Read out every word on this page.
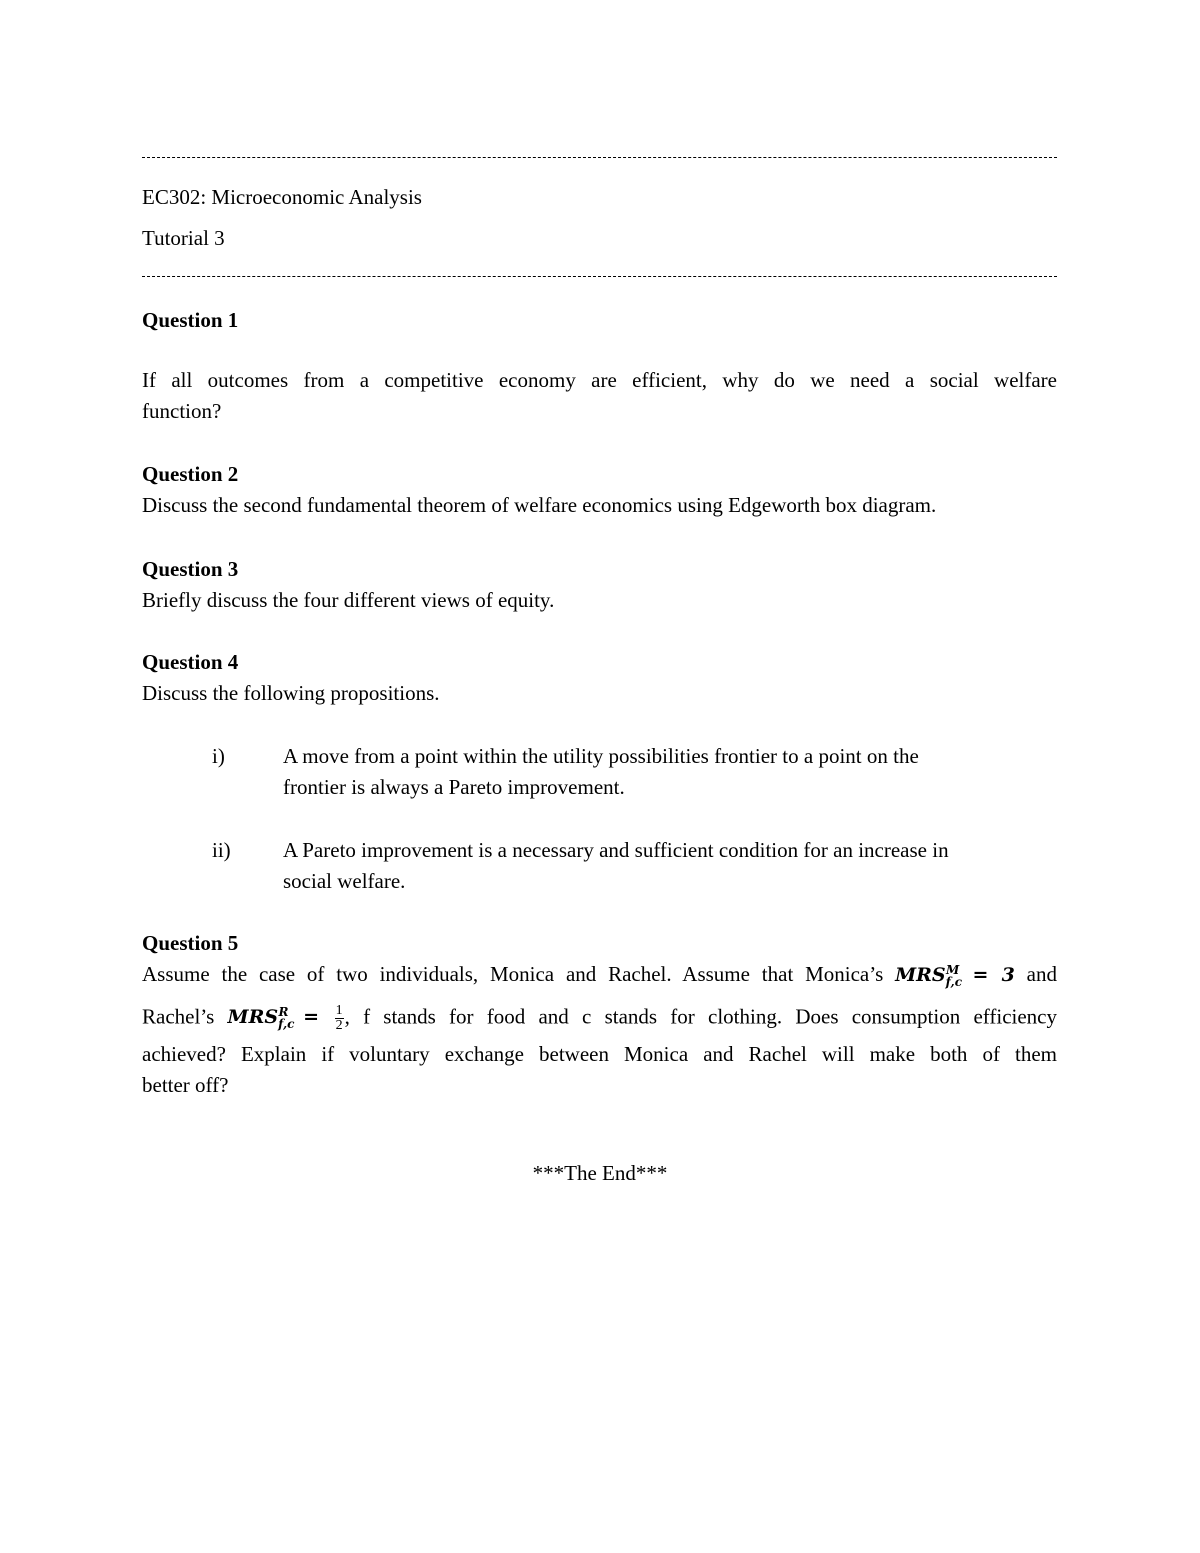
EC302: Microeconomic Analysis
Tutorial 3
Question 1
If all outcomes from a competitive economy are efficient, why do we need a social welfare
function?
Question 2
Discuss the second fundamental theorem of welfare economics using Edgeworth box diagram.
Question 3
Briefly discuss the four different views of equity.
Question 4
Discuss the following propositions.
i)	A move from a point within the utility possibilities frontier to a point on the
frontier is always a Pareto improvement.
ii) A Pareto improvement is a necessary and sufficient condition for an increase in
social welfare.
Question 5
Assume the case of two individuals, Monica and Rachel. Assume that Monica’s $MRS_{f,c}^M = 3$ and
Rachel’s $MRS_{f,c}^R = \frac{1}{2}$ , f stands for food and c stands for clothing. Does consumption efficiency
achieved? Explain if voluntary exchange between Monica and Rachel will make both of them
better off?
***The End***
